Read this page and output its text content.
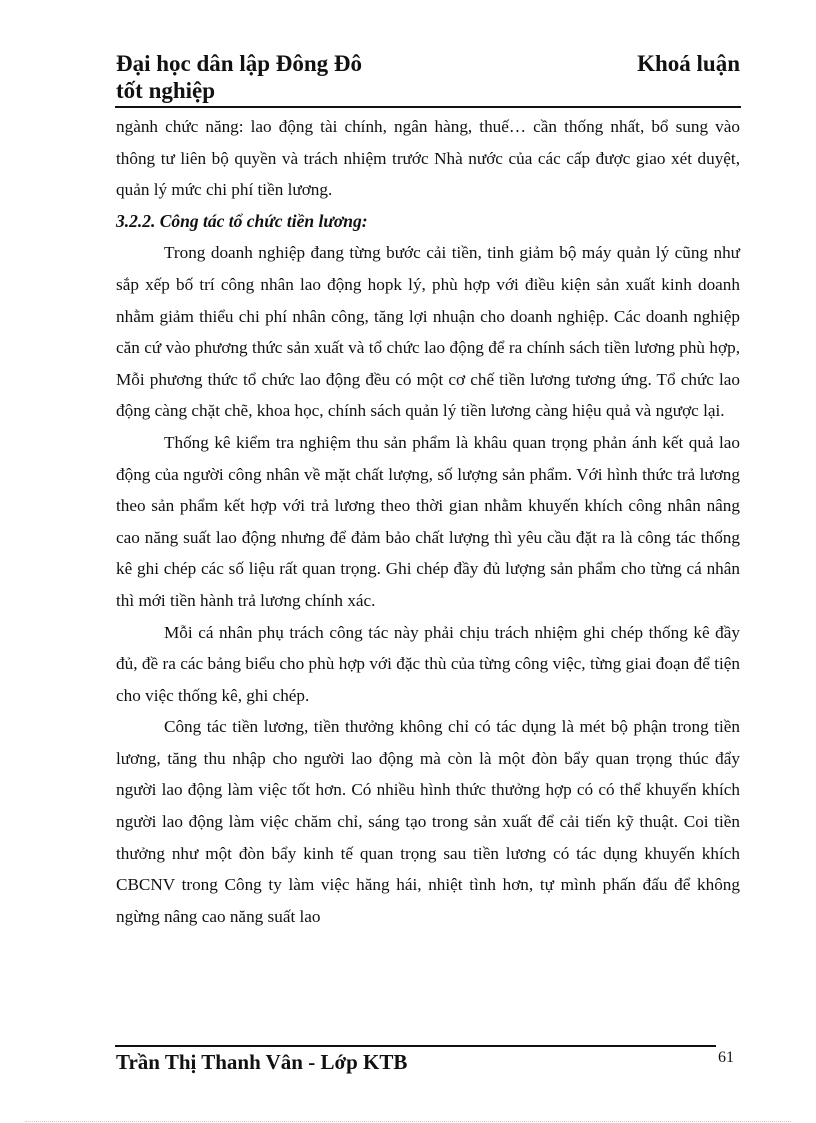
Đại học dân lập Đông Đô	Khoá luận
tốt nghiệp

ngành chức năng: lao động tài chính, ngân hàng, thuế… cần thống nhất, bổ sung vào thông tư liên bộ quyền và trách nhiệm trước Nhà nước của các cấp được giao xét duyệt, quản lý mức chi phí tiền lương.

3.2.2. Công tác tổ chức tiền lương:

Trong doanh nghiệp đang từng bước cải tiền, tinh giảm bộ máy quản lý cũng như sắp xếp bố trí công nhân lao động hopk lý, phù hợp với điều kiện sản xuất kinh doanh nhằm giảm thiểu chi phí nhân công, tăng lợi nhuận cho doanh nghiệp. Các doanh nghiệp căn cứ vào phương thức sản xuất và tổ chức lao động để ra chính sách tiền lương phù hợp, Mỗi phương thức tổ chức lao động đều có một cơ chế tiền lương tương ứng. Tổ chức lao động càng chặt chẽ, khoa học, chính sách quản lý tiền lương càng hiệu quả và ngược lại.

Thống kê kiểm tra nghiệm thu sản phẩm là khâu quan trọng phản ánh kết quả lao động của người công nhân về mặt chất lượng, số lượng sản phẩm. Với hình thức trả lương theo sản phẩm kết hợp với trả lương theo thời gian nhằm khuyến khích công nhân nâng cao năng suất lao động nhưng để đảm bảo chất lượng thì yêu cầu đặt ra là công tác thống kê ghi chép các số liệu rất quan trọng. Ghi chép đầy đủ lượng sản phẩm cho từng cá nhân thì mới tiền hành trả lương chính xác.

Mỗi cá nhân phụ trách công tác này phải chịu trách nhiệm ghi chép thống kê đầy đủ, đề ra các bảng biểu cho phù hợp với đặc thù của từng công việc, từng giai đoạn để tiện cho việc thống kê, ghi chép.

Công tác tiền lương, tiền thưởng không chỉ có tác dụng là mét bộ phận trong tiền lương, tăng thu nhập cho người lao động mà còn là một đòn bẩy quan trọng thúc đẩy người lao động làm việc tốt hơn. Có nhiều hình thức thưởng hợp có có thể khuyến khích người lao động làm việc chăm chỉ, sáng tạo trong sản xuất để cải tiến kỹ thuật. Coi tiền thưởng như một đòn bẩy kinh tế quan trọng sau tiền lương có tác dụng khuyến khích CBCNV trong Công ty làm việc hăng hái, nhiệt tình hơn, tự mình phấn đấu để không ngừng nâng cao năng suất lao

Trần Thị Thanh Vân - Lớp KTB	61
